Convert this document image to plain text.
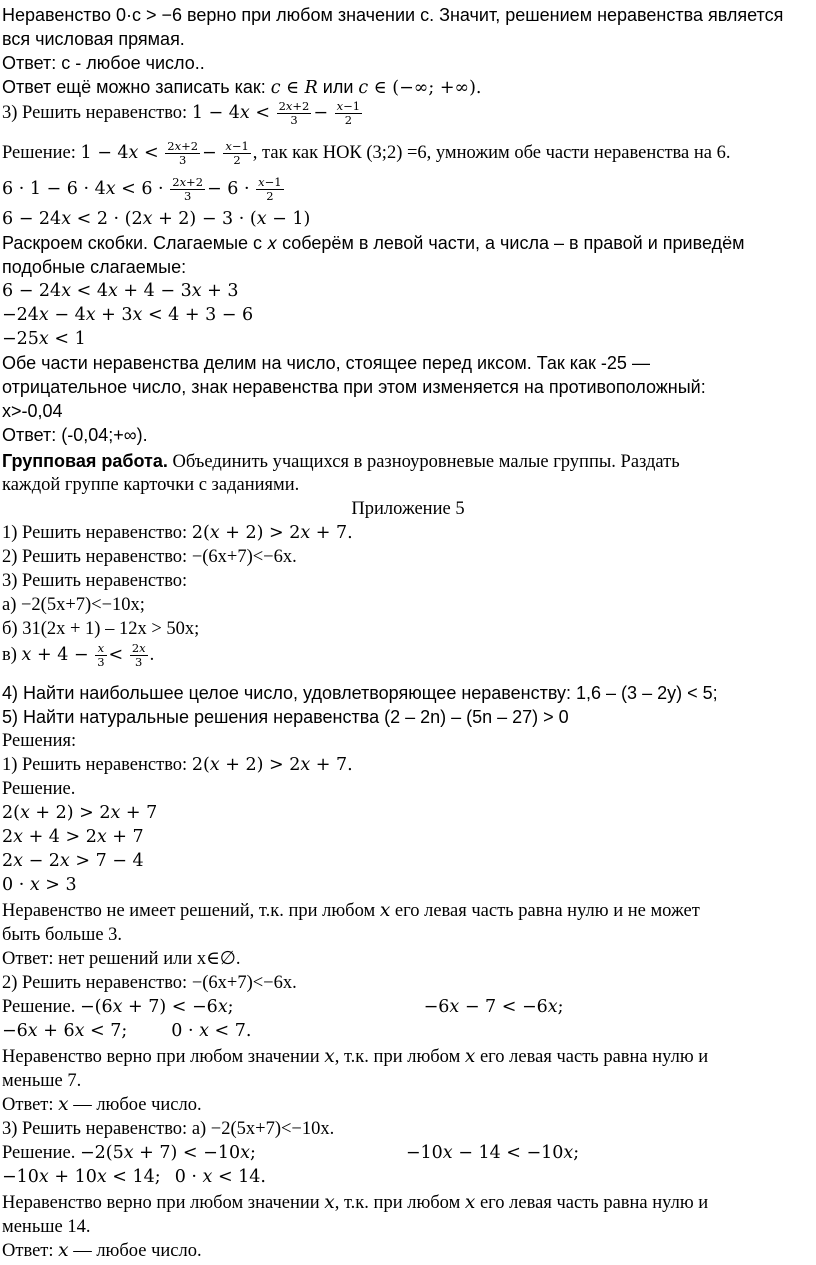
Неравенство 0·с > −6 верно при любом значении с. Значит, решением неравенства является
вся числовая прямая.
Ответ: с - любое число..
Ответ ещё можно записать как: 𝑐 ∈ 𝑅 или 𝑐 ∈ (−∞; +∞).
3) Решить неравенство: 1 − 4𝑥 < $\frac{\text{2𝑥+2}}{3} - \frac{\text{𝑥−1}}{2}$
Решение: 1 − 4𝑥 < $\frac{\text{2𝑥+2}}{3} - \frac{\text{𝑥−1}}{2}$ , так как НОК (3;2) =6, умножим обе части неравенства на 6.
6 · 1 − 6 · 4𝑥 < $6 \cdot \frac{\text{2𝑥+2}}{3} - 6 \cdot \frac{\text{𝑥−1}}{2}$
6 − 24𝑥 < 2 · (2𝑥 + 2) − 3 · (𝑥 − 1)
Раскроем скобки. Слагаемые с 𝑥 соберём в левой части, а числа – в правой и приведём
подобные слагаемые:
6 − 24𝑥 < 4𝑥 + 4 − 3𝑥 + 3
−24𝑥 − 4𝑥 + 3𝑥 < 4 + 3 − 6
−25𝑥 < 1
Обе части неравенства делим на число, стоящее перед иксом. Так как -25 —
отрицательное число, знак неравенства при этом изменяется на противоположный:
х>-0,04
Ответ: (-0,04;+∞).
Групповая работа. Объединить учащихся в разноуровневые малые группы. Раздать
каждой группе карточки с заданиями.
Приложение 5
1) Решить неравенство: 2(𝑥 + 2) > 2𝑥 + 7.
2) Решить неравенство: −(6x+7)<−6x.
3) Решить неравенство:
а) −2(5x+7)<−10x;
б) 31(2x + 1) – 12x > 50x;
в) 𝑥 + $4 - \frac{\text{𝑥}}{3} < \frac{\text{2𝑥}}{3}$ .
4) Найти наибольшее целое число, удовлетворяющее неравенству: 1,6 – (3 – 2y) < 5;
5) Найти натуральные решения неравенства (2 – 2n) – (5n – 27) > 0
Решения:
1) Решить неравенство: 2(𝑥 + 2) > 2𝑥 + 7.
Решение.
2(𝑥 + 2) > 2𝑥 + 7
2𝑥 + 4 > 2𝑥 + 7
2𝑥 − 2𝑥 > 7 − 4
0 · 𝑥 > 3
Неравенство не имеет решений, т.к. при любом 𝑥 его левая часть равна нулю и не может
быть больше 3.
Ответ: нет решений или x∈∅.
2) Решить неравенство: −(6x+7)<−6x.
Решение. −(6𝑥 + 7) < −6𝑥;	−6𝑥 − 7 < −6𝑥;
−6𝑥 + 6𝑥 < 7;	0 · 𝑥 < 7.
Неравенство верно при любом значении 𝑥, т.к. при любом 𝑥 его левая часть равна нулю и
меньше 7.
Ответ: 𝑥 — любое число.
3) Решить неравенство: а) −2(5x+7)<−10x.
Решение. −2(5𝑥 + 7) < −10𝑥;	−10𝑥 − 14 < −10𝑥;
−10𝑥 + 10𝑥 < 14; 0 · 𝑥 < 14.
Неравенство верно при любом значении 𝑥, т.к. при любом 𝑥 его левая часть равна нулю и
меньше 14.
Ответ: 𝑥 — любое число.
